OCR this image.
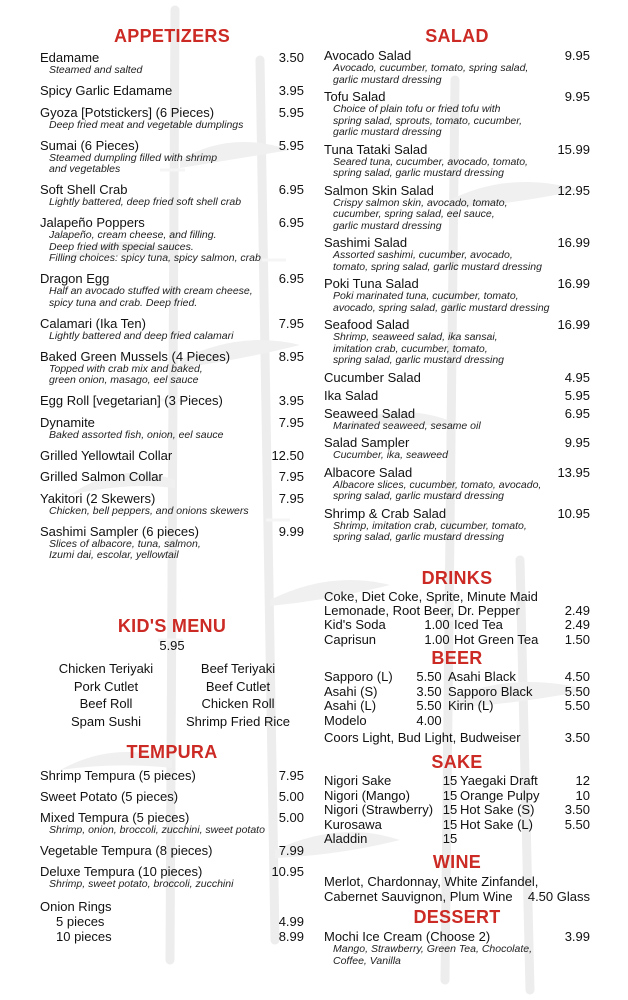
APPETIZERS
Edamame	3.50
Steamed and salted
Spicy Garlic Edamame	3.95
Gyoza [Potstickers] (6 Pieces)	5.95
Deep fried meat and vegetable dumplings
Sumai (6 Pieces)	5.95
Steamed dumpling filled with shrimp
and vegetables
Soft Shell Crab	6.95
Lightly battered, deep fried soft shell crab
Jalapeño Poppers	6.95
Jalapeño, cream cheese, and filling.
Deep fried with special sauces.
Filling choices: spicy tuna, spicy salmon, crab
Dragon Egg	6.95
Half an avocado stuffed with cream cheese,
spicy tuna and crab. Deep fried.
Calamari (Ika Ten)	7.95
Lightly battered and deep fried calamari
Baked Green Mussels (4 Pieces)	8.95
Topped with crab mix and baked,
green onion, masago, eel sauce
Egg Roll [vegetarian] (3 Pieces)	3.95
Dynamite	7.95
Baked assorted fish, onion, eel sauce
Grilled Yellowtail Collar	12.50
Grilled Salmon Collar	7.95
Yakitori (2 Skewers)	7.95
Chicken, bell peppers, and onions skewers
Sashimi Sampler (6 pieces)	9.99
Slices of albacore, tuna, salmon,
Izumi dai, escolar, yellowtail
KID'S MENU
5.95
Chicken Teriyaki	Beef Teriyaki
Pork Cutlet	Beef Cutlet
Beef Roll	Chicken Roll
Spam Sushi	Shrimp Fried Rice
TEMPURA
Shrimp Tempura (5 pieces)	7.95
Sweet Potato (5 pieces)	5.00
Mixed Tempura (5 pieces)	5.00
Shrimp, onion, broccoli, zucchini, sweet potato
Vegetable Tempura (8 pieces)	7.99
Deluxe Tempura (10 pieces)	10.95
Shrimp, sweet potato, broccoli, zucchini
Onion Rings
5 pieces	4.99
10 pieces	8.99
SALAD
Avocado Salad	9.95
Avocado, cucumber, tomato, spring salad,
garlic mustard dressing
Tofu Salad	9.95
Choice of plain tofu or fried tofu with
spring salad, sprouts, tomato, cucumber,
garlic mustard dressing
Tuna Tataki Salad	15.99
Seared tuna, cucumber, avocado, tomato,
spring salad, garlic mustard dressing
Salmon Skin Salad	12.95
Crispy salmon skin, avocado, tomato,
cucumber, spring salad, eel sauce,
garlic mustard dressing
Sashimi Salad	16.99
Assorted sashimi, cucumber, avocado,
tomato, spring salad, garlic mustard dressing
Poki Tuna Salad	16.99
Poki marinated tuna, cucumber, tomato,
avocado, spring salad, garlic mustard dressing
Seafood Salad	16.99
Shrimp, seaweed salad, ika sansai,
imitation crab, cucumber, tomato,
spring salad, garlic mustard dressing
Cucumber Salad	4.95
Ika Salad	5.95
Seaweed Salad	6.95
Marinated seaweed, sesame oil
Salad Sampler	9.95
Cucumber, ika, seaweed
Albacore Salad	13.95
Albacore slices, cucumber, tomato, avocado,
spring salad, garlic mustard dressing
Shrimp & Crab Salad	10.95
Shrimp, imitation crab, cucumber, tomato,
spring salad, garlic mustard dressing
DRINKS
Coke, Diet Coke, Sprite, Minute Maid
Lemonade, Root Beer, Dr. Pepper	2.49
Kid's Soda	1.00	Iced Tea	2.49
Caprisun	1.00	Hot Green Tea	1.50
BEER
Sapporo (L)	5.50	Asahi Black	4.50
Asahi (S)	3.50	Sapporo Black	5.50
Asahi (L)	5.50	Kirin (L)	5.50
Modelo	4.00		
Coors Light, Bud Light, Budweiser	3.50
SAKE
Nigori Sake	15	Yaegaki Draft	12
Nigori (Mango)	15	Orange Pulpy	10
Nigori (Strawberry)	15	Hot Sake (S)	3.50
Kurosawa	15	Hot Sake (L)	5.50
Aladdin	15		
WINE
Merlot, Chardonnay, White Zinfandel,
Cabernet Sauvignon, Plum Wine 4.50 Glass
DESSERT
Mochi Ice Cream (Choose 2)	3.99
Mango, Strawberry, Green Tea, Chocolate,
Coffee, Vanilla
